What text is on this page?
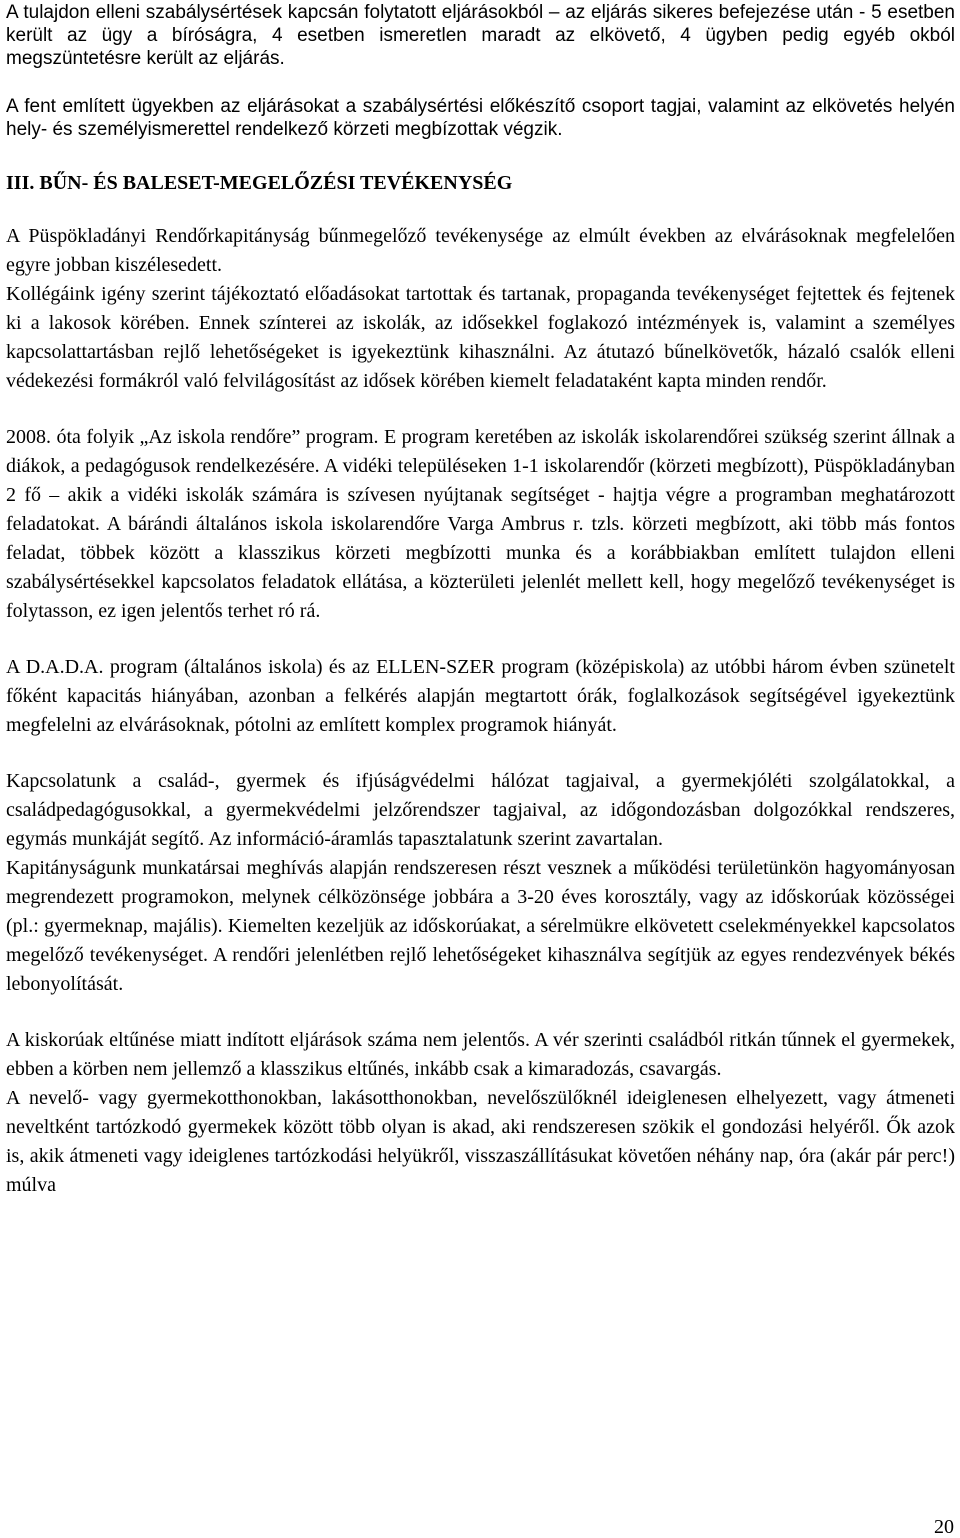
A tulajdon elleni szabálysértések kapcsán folytatott eljárásokból – az eljárás sikeres befejezése után - 5 esetben került az ügy a bíróságra, 4 esetben ismeretlen maradt az elkövető, 4 ügyben pedig egyéb okból megszüntetésre került az eljárás.

A fent említett ügyekben az eljárásokat a szabálysértési előkészítő csoport tagjai, valamint az elkövetés helyén hely- és személyismerettel rendelkező körzeti megbízottak végzik.

III. BŰN- ÉS BALESET-MEGELŐZÉSI TEVÉKENYSÉG

A Püspökladányi Rendőrkapitányság bűnmegelőző tevékenysége az elmúlt években az elvárásoknak megfelelően egyre jobban kiszélesedett.

Kollégáink igény szerint tájékoztató előadásokat tartottak és tartanak, propaganda tevékenységet fejtettek és fejtenek ki a lakosok körében. Ennek színterei az iskolák, az idősekkel foglakozó intézmények is, valamint a személyes kapcsolattartásban rejlő lehetőségeket is igyekeztünk kihasználni. Az átutazó bűnelkövetők, házaló csalók elleni védekezési formákról való felvilágosítást az idősek körében kiemelt feladataként kapta minden rendőr.

2008. óta folyik „Az iskola rendőre” program. E program keretében az iskolák iskolarendőrei szükség szerint állnak a diákok, a pedagógusok rendelkezésére. A vidéki településeken 1-1 iskolarendőr (körzeti megbízott), Püspökladányban 2 fő – akik a vidéki iskolák számára is szívesen nyújtanak segítséget - hajtja végre a programban meghatározott feladatokat. A bárándi általános iskola iskolarendőre Varga Ambrus r. tzls. körzeti megbízott, aki több más fontos feladat, többek között a klasszikus körzeti megbízotti munka és a korábbiakban említett tulajdon elleni szabálysértésekkel kapcsolatos feladatok ellátása, a közterületi jelenlét mellett kell, hogy megelőző tevékenységet is folytasson, ez igen jelentős terhet ró rá.

A D.A.D.A. program (általános iskola) és az ELLEN-SZER program (középiskola) az utóbbi három évben szünetelt főként kapacitás hiányában, azonban a felkérés alapján megtartott órák, foglalkozások segítségével igyekeztünk megfelelni az elvárásoknak, pótolni az említett komplex programok hiányát.

Kapcsolatunk a család-, gyermek és ifjúságvédelmi hálózat tagjaival, a gyermekjóléti szolgálatokkal, a családpedagógusokkal, a gyermekvédelmi jelzőrendszer tagjaival, az időgondozásban dolgozókkal rendszeres, egymás munkáját segítő. Az információ-áramlás tapasztalatunk szerint zavartalan.

Kapitányságunk munkatársai meghívás alapján rendszeresen részt vesznek a működési területünkön hagyományosan megrendezett programokon, melynek célközönsége jobbára a 3-20 éves korosztály, vagy az időskorúak közösségei (pl.: gyermeknap, majális). Kiemelten kezeljük az időskorúakat, a sérelmükre elkövetett cselekményekkel kapcsolatos megelőző tevékenységet. A rendőri jelenlétben rejlő lehetőségeket kihasználva segítjük az egyes rendezvények békés lebonyolítását.

A kiskorúak eltűnése miatt indított eljárások száma nem jelentős. A vér szerinti családból ritkán tűnnek el gyermekek, ebben a körben nem jellemző a klasszikus eltűnés, inkább csak a kimaradozás, csavargás.

A nevelő- vagy gyermekotthonokban, lakásotthonokban, nevelőszülőknél ideiglenesen elhelyezett, vagy átmeneti neveltként tartózkodó gyermekek között több olyan is akad, aki rendszeresen szökik el gondozási helyéről. Ők azok is, akik átmeneti vagy ideiglenes tartózkodási helyükről, visszaszállításukat követően néhány nap, óra (akár pár perc!) múlva

20
